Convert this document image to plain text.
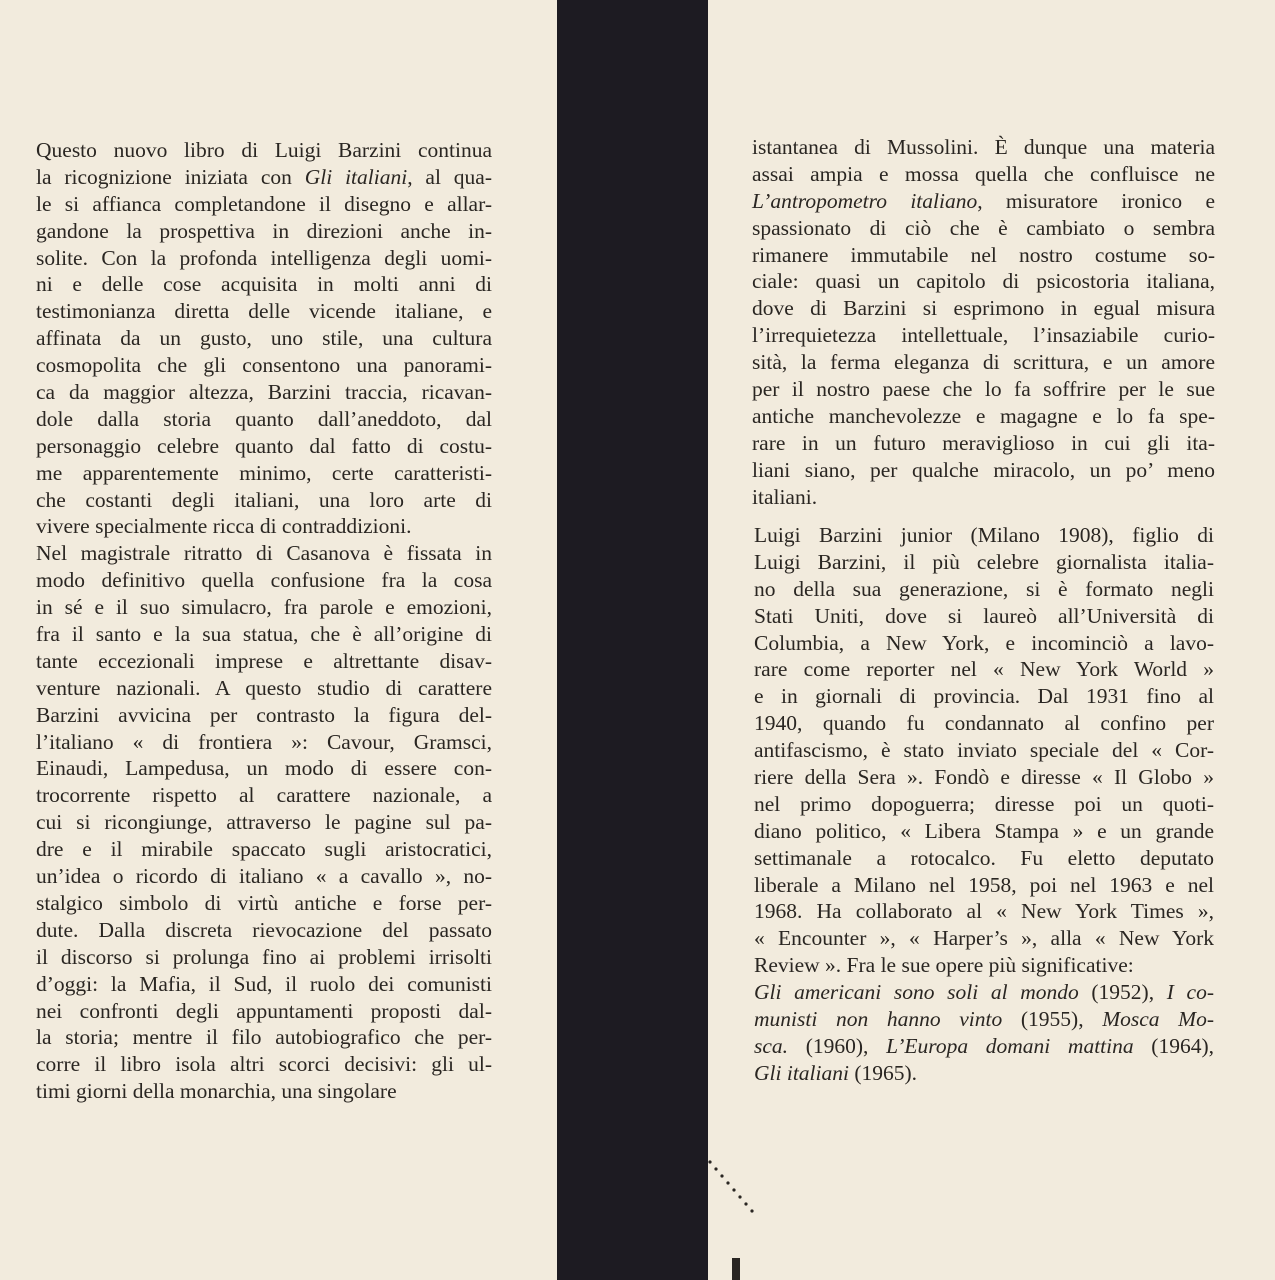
Questo nuovo libro di Luigi Barzini continua
la ricognizione iniziata con Gli italiani, al qua-
le si affianca completandone il disegno e allar-
gandone la prospettiva in direzioni anche in-
solite. Con la profonda intelligenza degli uomi-
ni e delle cose acquisita in molti anni di
testimonianza diretta delle vicende italiane, e
affinata da un gusto, uno stile, una cultura
cosmopolita che gli consentono una panorami-
ca da maggior altezza, Barzini traccia, ricavan-
dole dalla storia quanto dall’aneddoto, dal
personaggio celebre quanto dal fatto di costu-
me apparentemente minimo, certe caratteristi-
che costanti degli italiani, una loro arte di
vivere specialmente ricca di contraddizioni.
Nel magistrale ritratto di Casanova è fissata in
modo definitivo quella confusione fra la cosa
in sé e il suo simulacro, fra parole e emozioni,
fra il santo e la sua statua, che è all’origine di
tante eccezionali imprese e altrettante disav-
venture nazionali. A questo studio di carattere
Barzini avvicina per contrasto la figura del-
l’italiano « di frontiera »: Cavour, Gramsci,
Einaudi, Lampedusa, un modo di essere con-
trocorrente rispetto al carattere nazionale, a
cui si ricongiunge, attraverso le pagine sul pa-
dre e il mirabile spaccato sugli aristocratici,
un’idea o ricordo di italiano « a cavallo », no-
stalgico simbolo di virtù antiche e forse per-
dute. Dalla discreta rievocazione del passato
il discorso si prolunga fino ai problemi irrisolti
d’oggi: la Mafia, il Sud, il ruolo dei comunisti
nei confronti degli appuntamenti proposti dal-
la storia; mentre il filo autobiografico che per-
corre il libro isola altri scorci decisivi: gli ul-
timi giorni della monarchia, una singolare
istantanea di Mussolini. È dunque una materia
assai ampia e mossa quella che confluisce ne
L’antropometro italiano, misuratore ironico e
spassionato di ciò che è cambiato o sembra
rimanere immutabile nel nostro costume so-
ciale: quasi un capitolo di psicostoria italiana,
dove di Barzini si esprimono in egual misura
l’irrequietezza intellettuale, l’insaziabile curio-
sità, la ferma eleganza di scrittura, e un amore
per il nostro paese che lo fa soffrire per le sue
antiche manchevolezze e magagne e lo fa spe-
rare in un futuro meraviglioso in cui gli ita-
liani siano, per qualche miracolo, un po’ meno
italiani.
Luigi Barzini junior (Milano 1908), figlio di
Luigi Barzini, il più celebre giornalista italia-
no della sua generazione, si è formato negli
Stati Uniti, dove si laureò all’Università di
Columbia, a New York, e incominciò a lavo-
rare come reporter nel « New York World »
e in giornali di provincia. Dal 1931 fino al
1940, quando fu condannato al confino per
antifascismo, è stato inviato speciale del « Cor-
riere della Sera ». Fondò e diresse « Il Globo »
nel primo dopoguerra; diresse poi un quoti-
diano politico, « Libera Stampa » e un grande
settimanale a rotocalco. Fu eletto deputato
liberale a Milano nel 1958, poi nel 1963 e nel
1968. Ha collaborato al « New York Times »,
« Encounter », « Harper’s », alla « New York
Review ». Fra le sue opere più significative:
Gli americani sono soli al mondo (1952), I co-
munisti non hanno vinto (1955), Mosca Mo-
sca. (1960), L’Europa domani mattina (1964),
Gli italiani (1965).
